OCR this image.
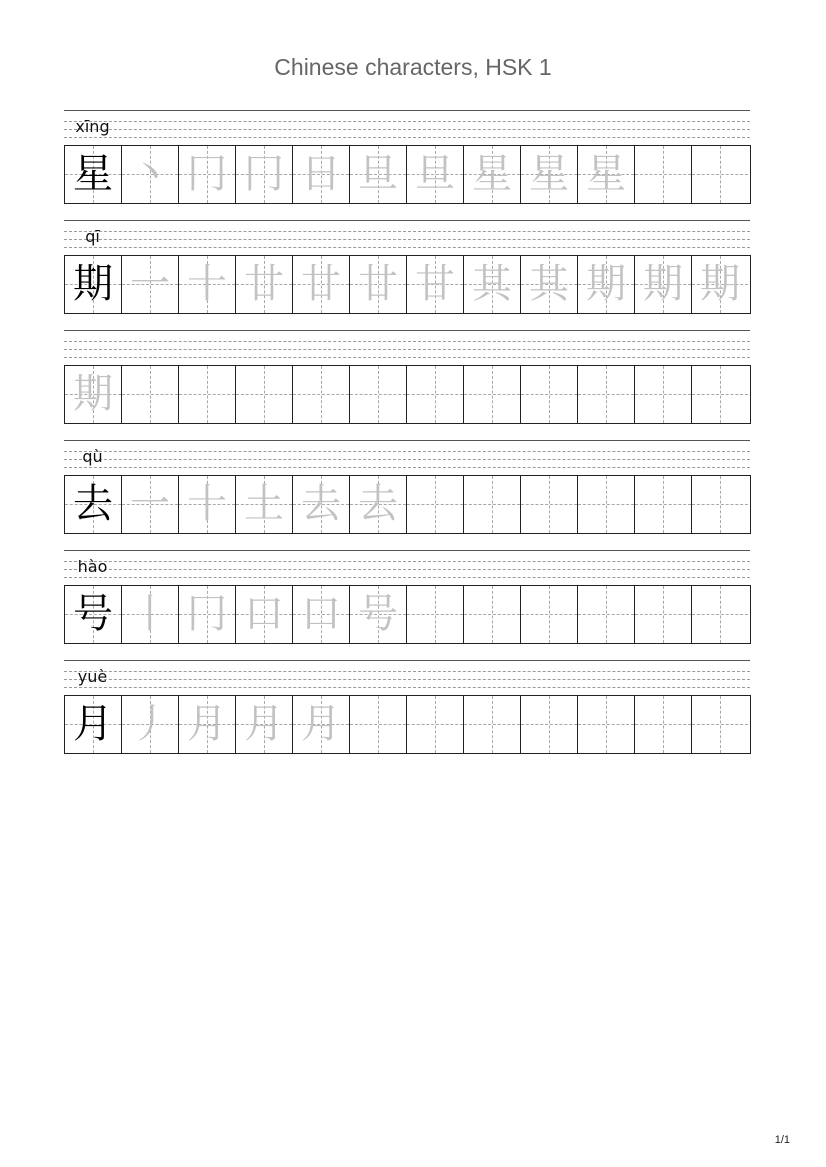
Chinese characters, HSK 1
xīng
星 丶 冂 冂 日 旦 旦 星 星 星
qī
期 一 十 廿 廿 廿 甘 其 其 期 期 期
期
qù
去 一 十 土 去 去
hào
号 丨 冂 口 口 号
yuè
月 丿 月 月 月
1/1
